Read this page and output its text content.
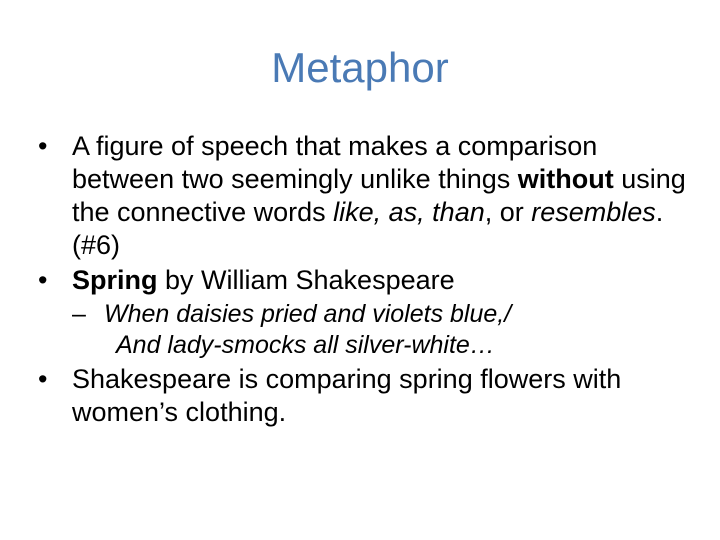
Metaphor
• A figure of speech that makes a comparison between two seemingly unlike things without using the connective words like, as, than, or resembles. (#6)
• Spring by William Shakespeare
– When daisies pried and violets blue,/
And lady-smocks all silver-white…
• Shakespeare is comparing spring flowers with women’s clothing.
